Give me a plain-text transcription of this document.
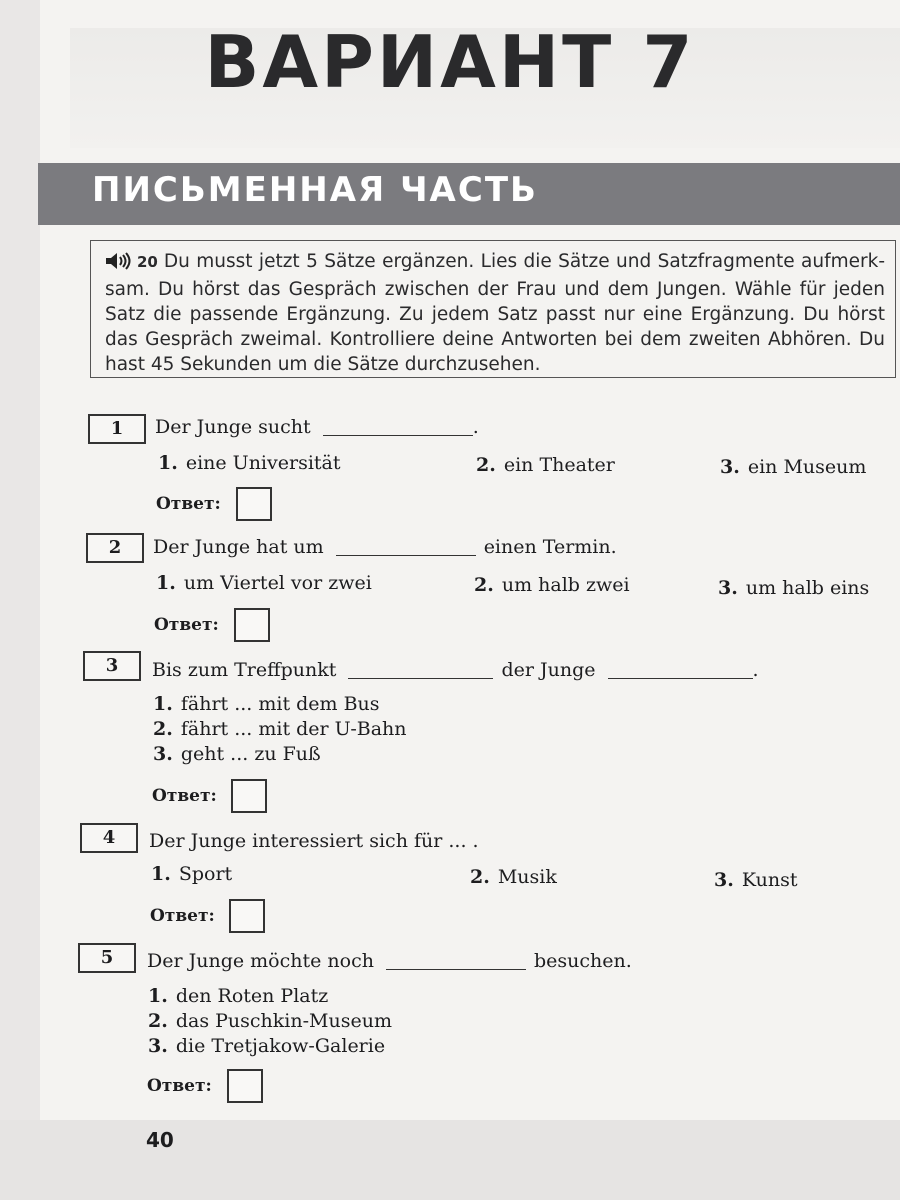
ВАРИАНТ 7
ПИСЬМЕННАЯ ЧАСТЬ
20 Du musst jetzt 5 Sätze ergänzen. Lies die Sätze und Satzfragmente aufmerk-sam. Du hörst das Gespräch zwischen der Frau und dem Jungen. Wähle für jeden Satz die passende Ergänzung. Zu jedem Satz passt nur eine Ergänzung. Du hörst das Gespräch zweimal. Kontrolliere deine Antworten bei dem zweiten Abhören. Du hast 45 Sekunden um die Sätze durchzusehen.
1	Der Junge sucht	.
1. eine Universität	2. ein Theater	3. ein Museum
Ответ:
2	Der Junge hat um	einen Termin.
1. um Viertel vor zwei	2. um halb zwei	3. um halb eins
Ответ:
3	Bis zum Treffpunkt	der Junge	.
1. fährt ... mit dem Bus
2. fährt ... mit der U-Bahn
3. geht ... zu Fuß
Ответ:
4	Der Junge interessiert sich für ... .
1. Sport	2. Musik	3. Kunst
Ответ:
5	Der Junge möchte noch	besuchen.
1. den Roten Platz
2. das Puschkin-Museum
3. die Tretjakow-Galerie
Ответ:
40
